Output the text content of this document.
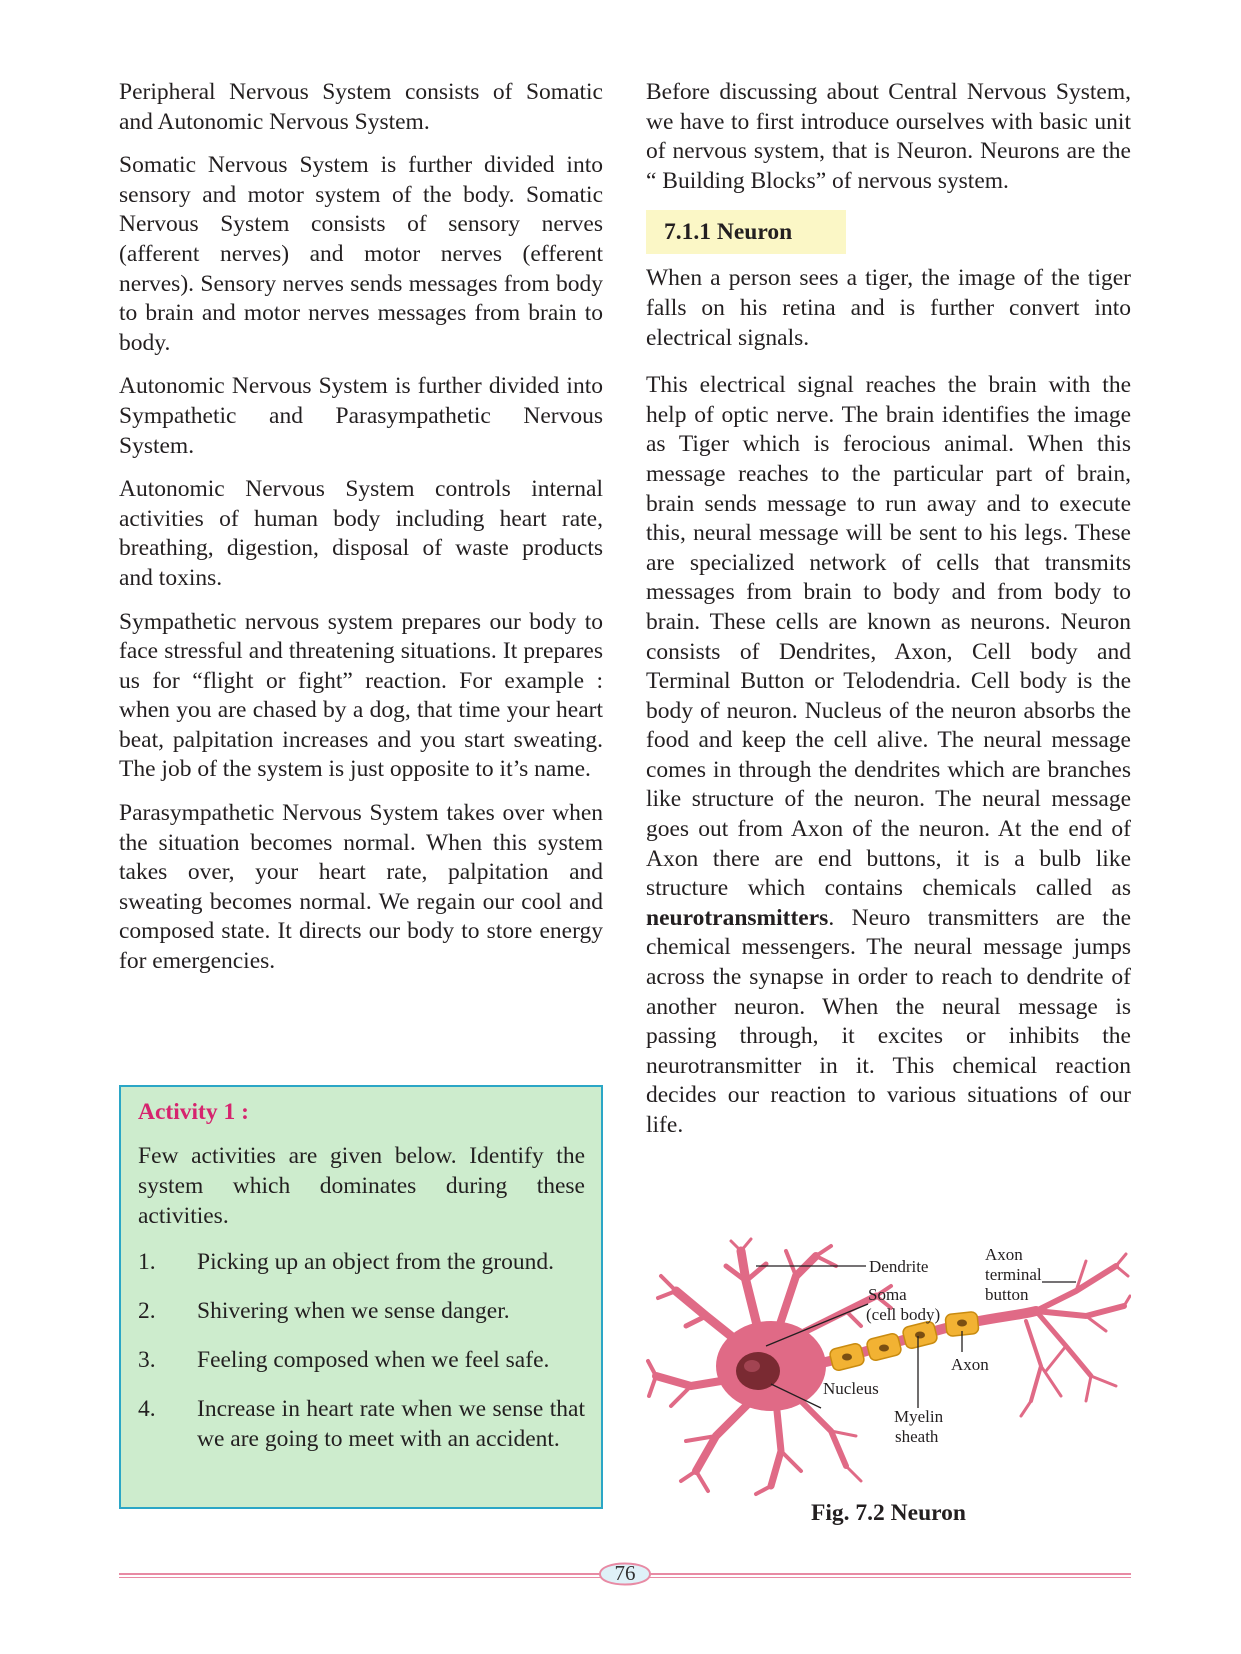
Peripheral Nervous System consists of Somatic and Autonomic Nervous System.

Somatic Nervous System is further divided into sensory and motor system of the body. Somatic Nervous System consists of sensory nerves (afferent nerves) and motor nerves (efferent nerves). Sensory nerves sends messages from body to brain and motor nerves messages from brain to body.

Autonomic Nervous System is further divided into Sympathetic and Parasympathetic Nervous System.

Autonomic Nervous System controls internal activities of human body including heart rate, breathing, digestion, disposal of waste products and toxins.

Sympathetic nervous system prepares our body to face stressful and threatening situations. It prepares us for “flight or fight” reaction. For example : when you are chased by a dog, that time your heart beat, palpitation increases and you start sweating. The job of the system is just opposite to it’s name.

Parasympathetic Nervous System takes over when the situation becomes normal. When this system takes over, your heart rate, palpitation and sweating becomes normal. We regain our cool and composed state. It directs our body to store energy for emergencies.

Activity 1 :
Few activities are given below. Identify the system which dominates during these activities.
1.	Picking up an object from the ground.
2.	Shivering when we sense danger.
3.	Feeling composed when we feel safe.
4.	Increase in heart rate when we sense that we are going to meet with an accident.

Before discussing about Central Nervous System, we have to first introduce ourselves with basic unit of nervous system, that is Neuron. Neurons are the “ Building Blocks” of nervous system.

7.1.1 Neuron

When a person sees a tiger, the image of the tiger falls on his retina and is further convert into electrical signals.

This electrical signal reaches the brain with the help of optic nerve. The brain identifies the image as Tiger which is ferocious animal. When this message reaches to the particular part of brain, brain sends message to run away and to execute this, neural message will be sent to his legs. These are specialized network of cells that transmits messages from brain to body and from body to brain. These cells are known as neurons. Neuron consists of Dendrites, Axon, Cell body and Terminal Button or Telodendria. Cell body is the body of neuron. Nucleus of the neuron absorbs the food and keep the cell alive. The neural message comes in through the dendrites which are branches like structure of the neuron. The neural message goes out from Axon of the neuron. At the end of Axon there are end buttons, it is a bulb like structure which contains chemicals called as neurotransmitters. Neuro transmitters are the chemical messengers. The neural message jumps across the synapse in order to reach to dendrite of another neuron. When the neural message is passing through, it excites or inhibits the neurotransmitter in it. This chemical reaction decides our reaction to various situations of our life.

Dendrite
Soma
(cell body)
Axon
terminal
button
Axon
Nucleus
Myelin
sheath
Fig. 7.2 Neuron
76
